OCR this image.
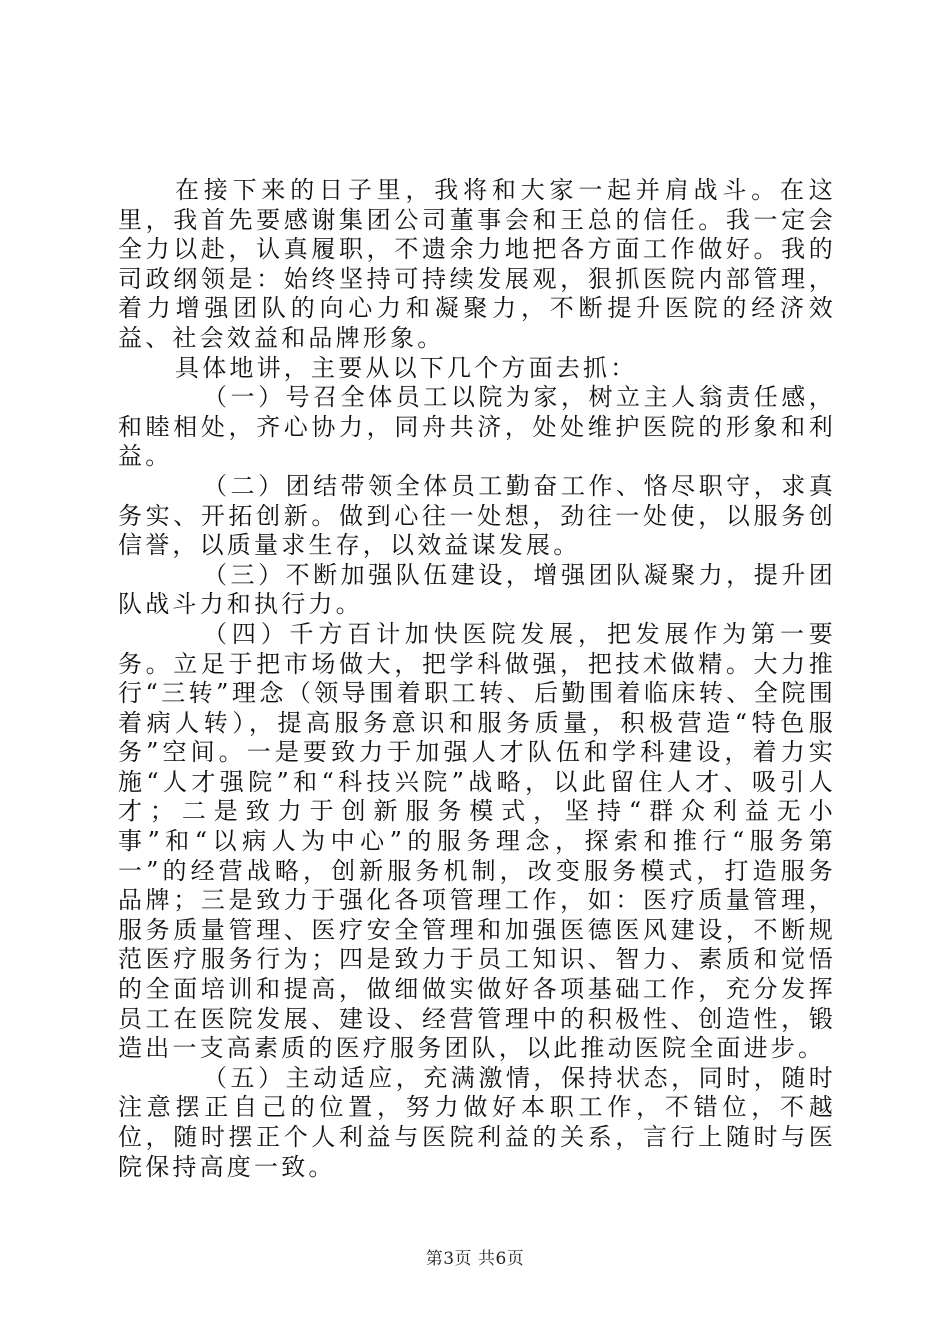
在接下来的日子里，我将和大家一起并肩战斗。在这里，我首先要感谢集团公司董事会和王总的信任。我一定会全力以赴，认真履职，不遗余力地把各方面工作做好。我的司政纲领是：始终坚持可持续发展观，狠抓医院内部管理，着力增强团队的向心力和凝聚力，不断提升医院的经济效益、社会效益和品牌形象。

具体地讲，主要从以下几个方面去抓：

（一）号召全体员工以院为家，树立主人翁责任感，和睦相处，齐心协力，同舟共济，处处维护医院的形象和利益。

（二）团结带领全体员工勤奋工作、恪尽职守，求真务实、开拓创新。做到心往一处想，劲往一处使，以服务创信誉，以质量求生存，以效益谋发展。

（三）不断加强队伍建设，增强团队凝聚力，提升团队战斗力和执行力。

（四）千方百计加快医院发展，把发展作为第一要务。立足于把市场做大，把学科做强，把技术做精。大力推行“三转”理念（领导围着职工转、后勤围着临床转、全院围着病人转），提高服务意识和服务质量，积极营造“特色服务”空间。一是要致力于加强人才队伍和学科建设，着力实施“人才强院”和“科技兴院”战略，以此留住人才、吸引人才；二是致力于创新服务模式，坚持“群众利益无小事”和“以病人为中心”的服务理念，探索和推行“服务第一”的经营战略，创新服务机制，改变服务模式，打造服务品牌；三是致力于强化各项管理工作，如：医疗质量管理，服务质量管理、医疗安全管理和加强医德医风建设，不断规范医疗服务行为；四是致力于员工知识、智力、素质和觉悟的全面培训和提高，做细做实做好各项基础工作，充分发挥员工在医院发展、建设、经营管理中的积极性、创造性，锻造出一支高素质的医疗服务团队，以此推动医院全面进步。

（五）主动适应，充满激情，保持状态，同时，随时注意摆正自己的位置，努力做好本职工作，不错位，不越位，随时摆正个人利益与医院利益的关系，言行上随时与医院保持高度一致。

第3页 共6页
